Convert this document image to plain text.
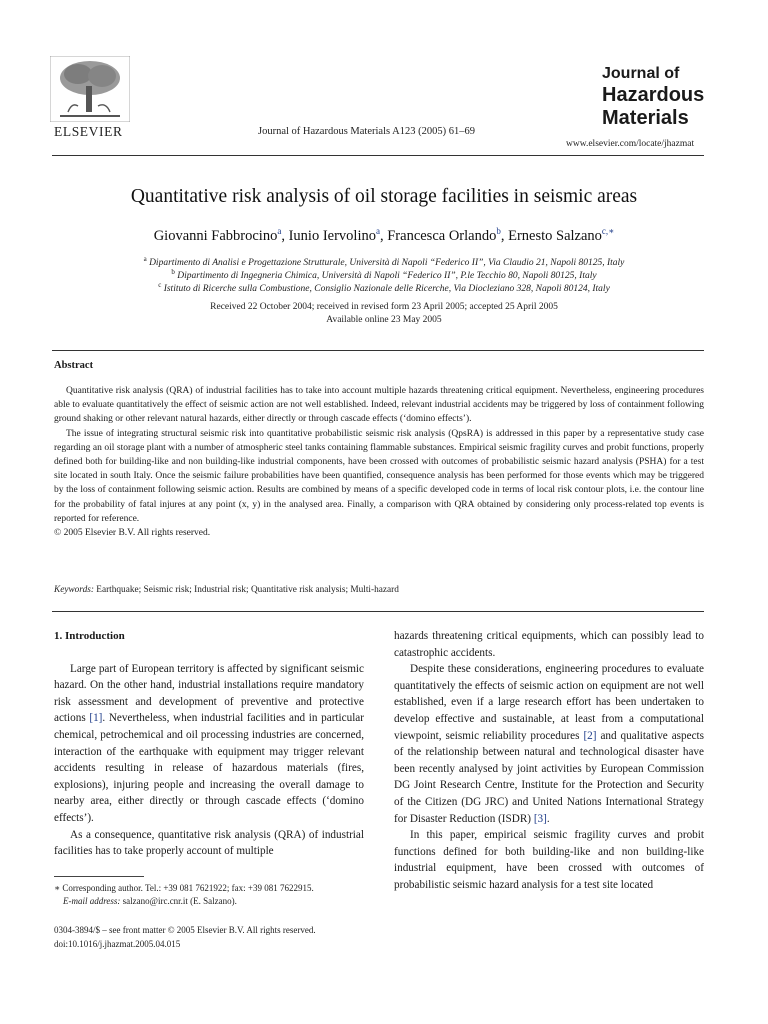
ELSEVIER	Journal of Hazardous Materials A123 (2005) 61–69
Journal of
Hazardous
Materials
www.elsevier.com/locate/jhazmat
Quantitative risk analysis of oil storage facilities in seismic areas
Giovanni Fabbrocino$^a$, Iunio Iervolino$^a$, Francesca Orlando$^b$, Ernesto Salzano$^{c,∗}$
$^a$ Dipartimento di Analisi e Progettazione Strutturale, Università di Napoli “Federico II”, Via Claudio 21, Napoli 80125, Italy
$^b$ Dipartimento di Ingegneria Chimica, Università di Napoli “Federico II”, P.le Tecchio 80, Napoli 80125, Italy
$^c$ Istituto di Ricerche sulla Combustione, Consiglio Nazionale delle Ricerche, Via Diocleziano 328, Napoli 80124, Italy
Received 22 October 2004; received in revised form 23 April 2005; accepted 25 April 2005
Available online 23 May 2005
Abstract

Quantitative risk analysis (QRA) of industrial facilities has to take into account multiple hazards threatening critical equipment. Nevertheless, engineering procedures able to evaluate quantitatively the effect of seismic action are not well established. Indeed, relevant industrial accidents may be triggered by loss of containment following ground shaking or other relevant natural hazards, either directly or through cascade effects (‘domino effects’).

The issue of integrating structural seismic risk into quantitative probabilistic seismic risk analysis (QpsRA) is addressed in this paper by a representative study case regarding an oil storage plant with a number of atmospheric steel tanks containing flammable substances. Empirical seismic fragility curves and probit functions, properly defined both for building-like and non building-like industrial components, have been crossed with outcomes of probabilistic seismic hazard analysis (PSHA) for a test site located in south Italy. Once the seismic failure probabilities have been quantified, consequence analysis has been performed for those events which may be triggered by the loss of containment following seismic action. Results are combined by means of a specific developed code in terms of local risk contour plots, i.e. the contour line for the probability of fatal injures at any point (x, y) in the analysed area. Finally, a comparison with QRA obtained by considering only process-related top events is reported for reference.

© 2005 Elsevier B.V. All rights reserved.

Keywords: Earthquake; Seismic risk; Industrial risk; Quantitative risk analysis; Multi-hazard
1. Introduction

Large part of European territory is affected by significant seismic hazard. On the other hand, industrial installations require mandatory risk assessment and development of preventive and protective actions [1]. Nevertheless, when industrial facilities and in particular chemical, petrochemical and oil processing industries are concerned, interaction of the earthquake with equipment may trigger relevant accidents resulting in release of hazardous materials (fires, explosions), injuring people and increasing the overall damage to nearby area, either directly or through cascade effects (‘domino effects’).

As a consequence, quantitative risk analysis (QRA) of industrial facilities has to take properly account of multiple

hazards threatening critical equipments, which can possibly lead to catastrophic accidents.

Despite these considerations, engineering procedures to evaluate quantitatively the effects of seismic action on equipment are not well established, even if a large research effort has been undertaken to develop effective and sustainable, at least from a computational viewpoint, seismic reliability procedures [2] and qualitative aspects of the relationship between natural and technological disaster have been recently analysed by joint activities by European Commission DG Joint Research Centre, Institute for the Protection and Security of the Citizen (DG JRC) and United Nations International Strategy for Disaster Reduction (ISDR) [3].

In this paper, empirical seismic fragility curves and probit functions defined for both building-like and non building-like industrial equipment, have been crossed with outcomes of probabilistic seismic hazard analysis for a test site located

∗ Corresponding author. Tel.: +39 081 7621922; fax: +39 081 7622915.
E-mail address: salzano@irc.cnr.it (E. Salzano).
0304-3894/$ – see front matter © 2005 Elsevier B.V. All rights reserved.
doi:10.1016/j.jhazmat.2005.04.015
